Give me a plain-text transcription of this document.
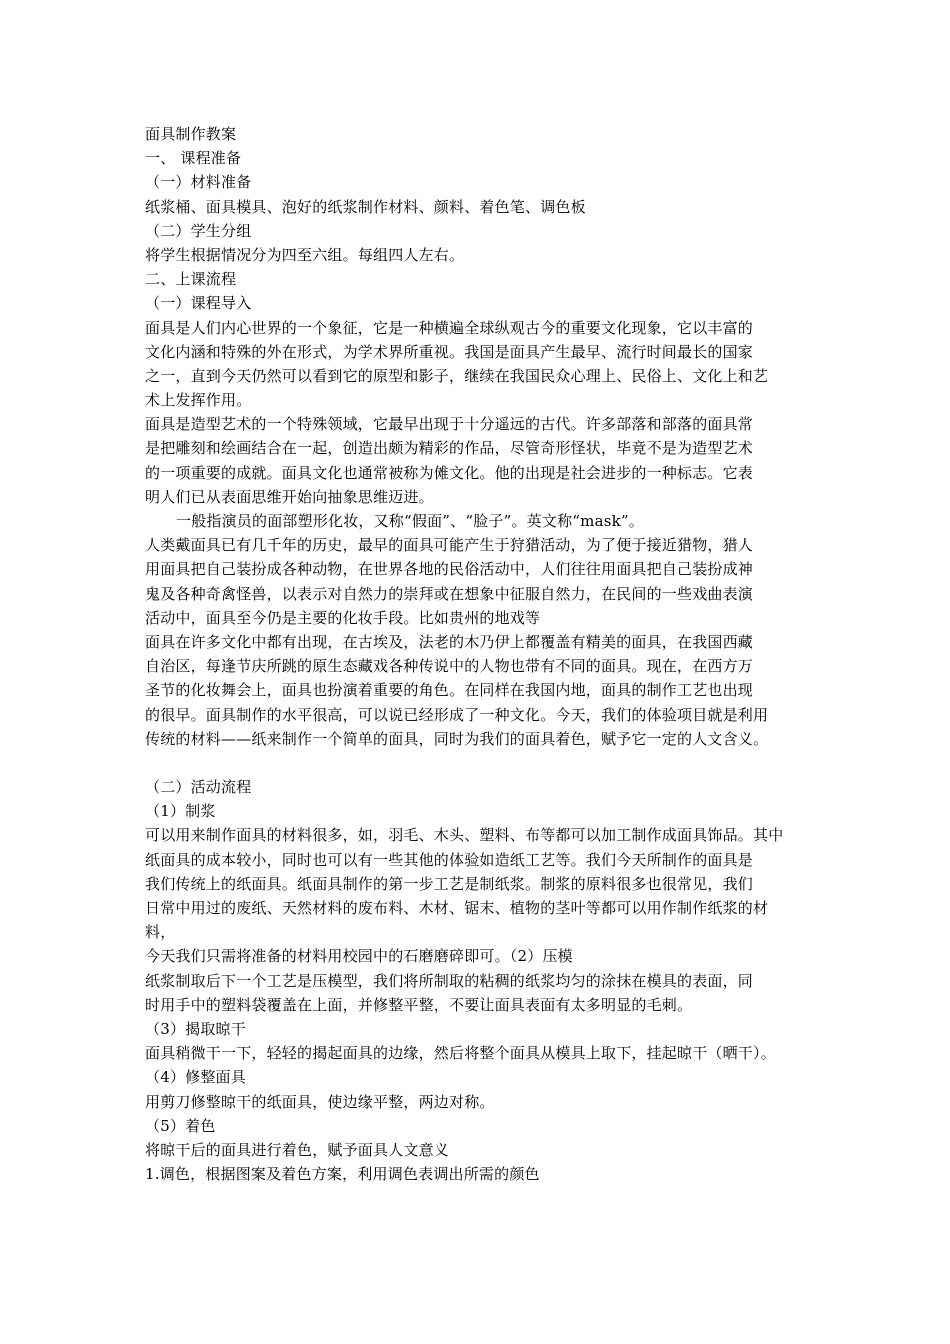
面具制作教案
一、 课程准备
（一）材料准备
纸浆桶、面具模具、泡好的纸浆制作材料、颜料、着色笔、调色板
（二）学生分组
将学生根据情况分为四至六组。每组四人左右。
二、上课流程
（一）课程导入
面具是人们内心世界的一个象征，它是一种横遍全球纵观古今的重要文化现象，它以丰富的
文化内涵和特殊的外在形式，为学术界所重视。我国是面具产生最早、流行时间最长的国家
之一，直到今天仍然可以看到它的原型和影子，继续在我国民众心理上、民俗上、文化上和艺
术上发挥作用。
面具是造型艺术的一个特殊领域，它最早出现于十分遥远的古代。许多部落和部落的面具常
是把雕刻和绘画结合在一起，创造出颇为精彩的作品，尽管奇形怪状，毕竟不是为造型艺术
的一项重要的成就。面具文化也通常被称为傩文化。他的出现是社会进步的一种标志。它表
明人们已从表面思维开始向抽象思维迈进。
一般指演员的面部塑形化妆，又称“假面”、“脸子”。英文称“mask”。
人类戴面具已有几千年的历史，最早的面具可能产生于狩猎活动，为了便于接近猎物，猎人
用面具把自己装扮成各种动物，在世界各地的民俗活动中，人们往往用面具把自己装扮成神
鬼及各种奇禽怪兽，以表示对自然力的崇拜或在想象中征服自然力，在民间的一些戏曲表演
活动中，面具至今仍是主要的化妆手段。比如贵州的地戏等
面具在许多文化中都有出现，在古埃及，法老的木乃伊上都覆盖有精美的面具，在我国西藏
自治区，每逢节庆所跳的原生态藏戏各种传说中的人物也带有不同的面具。现在，在西方万
圣节的化妆舞会上，面具也扮演着重要的角色。在同样在我国内地，面具的制作工艺也出现
的很早。面具制作的水平很高，可以说已经形成了一种文化。今天，我们的体验项目就是利用
传统的材料——纸来制作一个简单的面具，同时为我们的面具着色，赋予它一定的人文含义。
（二）活动流程
（1）制浆
可以用来制作面具的材料很多，如，羽毛、木头、塑料、布等都可以加工制作成面具饰品。其中
纸面具的成本较小，同时也可以有一些其他的体验如造纸工艺等。我们今天所制作的面具是
我们传统上的纸面具。纸面具制作的第一步工艺是制纸浆。制浆的原料很多也很常见，我们
日常中用过的废纸、天然材料的废布料、木材、锯末、植物的茎叶等都可以用作制作纸浆的材
料，
今天我们只需将准备的材料用校园中的石磨磨碎即可。（2）压模
纸浆制取后下一个工艺是压模型，我们将所制取的粘稠的纸浆均匀的涂抹在模具的表面，同
时用手中的塑料袋覆盖在上面，并修整平整，不要让面具表面有太多明显的毛刺。
（3）揭取晾干
面具稍微干一下，轻轻的揭起面具的边缘，然后将整个面具从模具上取下，挂起晾干（晒干）。
（4）修整面具
用剪刀修整晾干的纸面具，使边缘平整，两边对称。
（5）着色
将晾干后的面具进行着色，赋予面具人文意义
1.调色，根据图案及着色方案，利用调色表调出所需的颜色
